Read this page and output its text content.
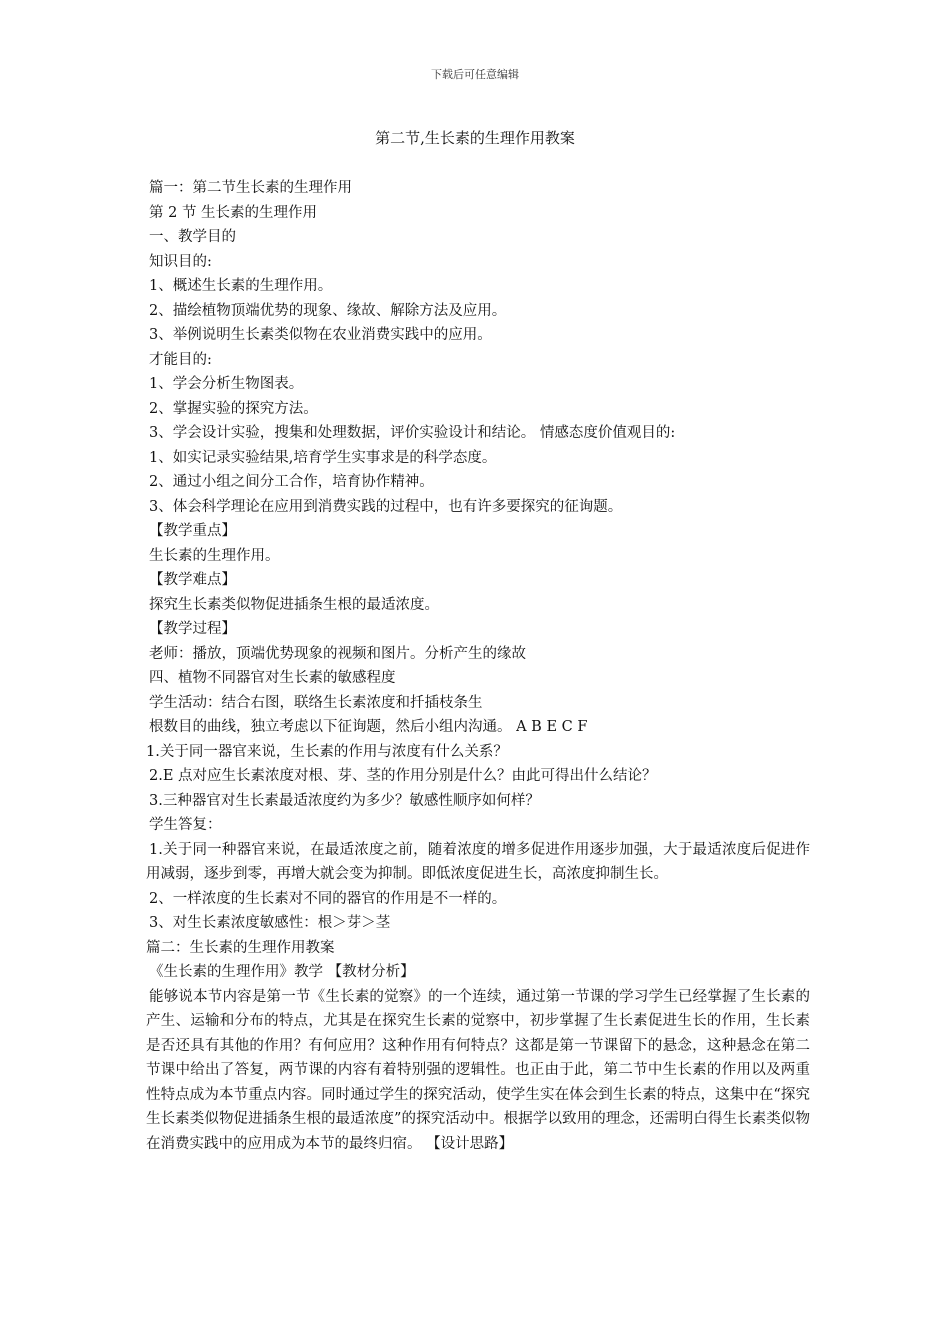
下载后可任意编辑
第二节,生长素的生理作用教案
篇一：第二节生长素的生理作用
第 2 节 生长素的生理作用
一、教学目的
知识目的:
1、概述生长素的生理作用。
2、描绘植物顶端优势的现象、缘故、解除方法及应用。
3、举例说明生长素类似物在农业消费实践中的应用。
才能目的:
1、学会分析生物图表。
2、掌握实验的探究方法。
3、学会设计实验，搜集和处理数据，评价实验设计和结论。 情感态度价值观目的:
1、如实记录实验结果,培育学生实事求是的科学态度。
2、通过小组之间分工合作，培育协作精神。
3、体会科学理论在应用到消费实践的过程中，也有许多要探究的征询题。
【教学重点】
生长素的生理作用。
【教学难点】
探究生长素类似物促进插条生根的最适浓度。
【教学过程】
老师：播放，顶端优势现象的视频和图片。分析产生的缘故
四、植物不同器官对生长素的敏感程度
学生活动：结合右图，联络生长素浓度和扦插枝条生
根数目的曲线，独立考虑以下征询题，然后小组内沟通。 A B E C F
1.关于同一器官来说，生长素的作用与浓度有什么关系？
2.E 点对应生长素浓度对根、芽、茎的作用分别是什么？由此可得出什么结论？
3.三种器官对生长素最适浓度约为多少？敏感性顺序如何样？
学生答复：
1.关于同一种器官来说，在最适浓度之前，随着浓度的增多促进作用逐步加强，大于最适浓度后促进作用减弱，逐步到零，再增大就会变为抑制。即低浓度促进生长，高浓度抑制生长。
2、一样浓度的生长素对不同的器官的作用是不一样的。
3、对生长素浓度敏感性：根＞芽＞茎
篇二：生长素的生理作用教案
《生长素的生理作用》教学 【教材分析】
能够说本节内容是第一节《生长素的觉察》的一个连续，通过第一节课的学习学生已经掌握了生长素的产生、运输和分布的特点，尤其是在探究生长素的觉察中，初步掌握了生长素促进生长的作用，生长素是否还具有其他的作用？有何应用？这种作用有何特点？这都是第一节课留下的悬念，这种悬念在第二节课中给出了答复，两节课的内容有着特别强的逻辑性。也正由于此，第二节中生长素的作用以及两重性特点成为本节重点内容。同时通过学生的探究活动，使学生实在体会到生长素的特点，这集中在“探究生长素类似物促进插条生根的最适浓度”的探究活动中。根据学以致用的理念，还需明白得生长素类似物在消费实践中的应用成为本节的最终归宿。 【设计思路】
